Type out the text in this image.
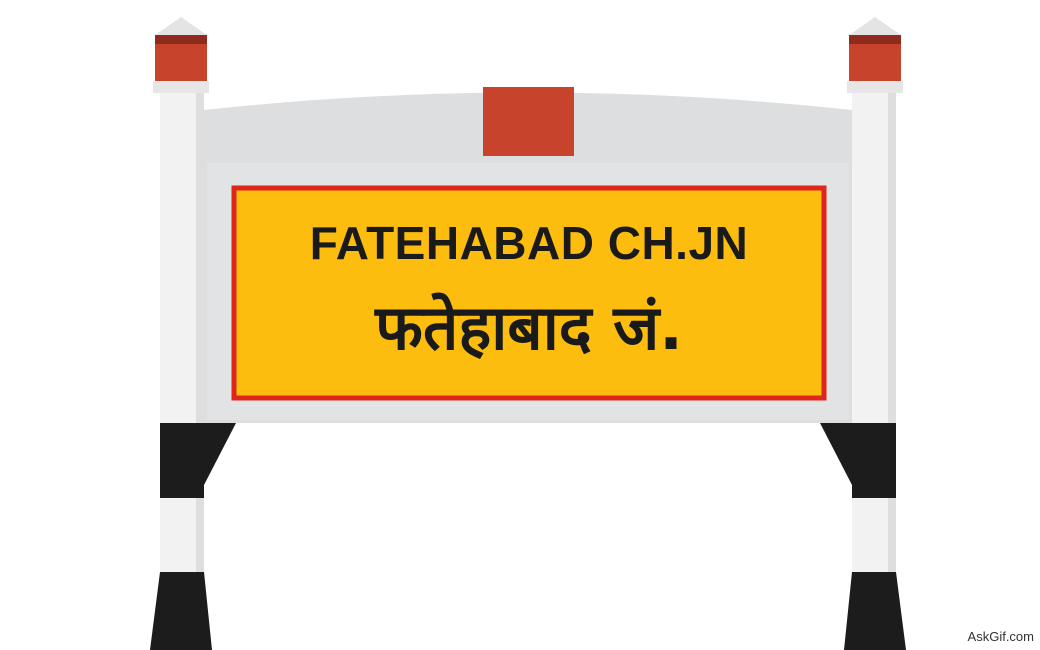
FATEHABAD CH.JN
फतेहाबाद जं.
AskGif.com
